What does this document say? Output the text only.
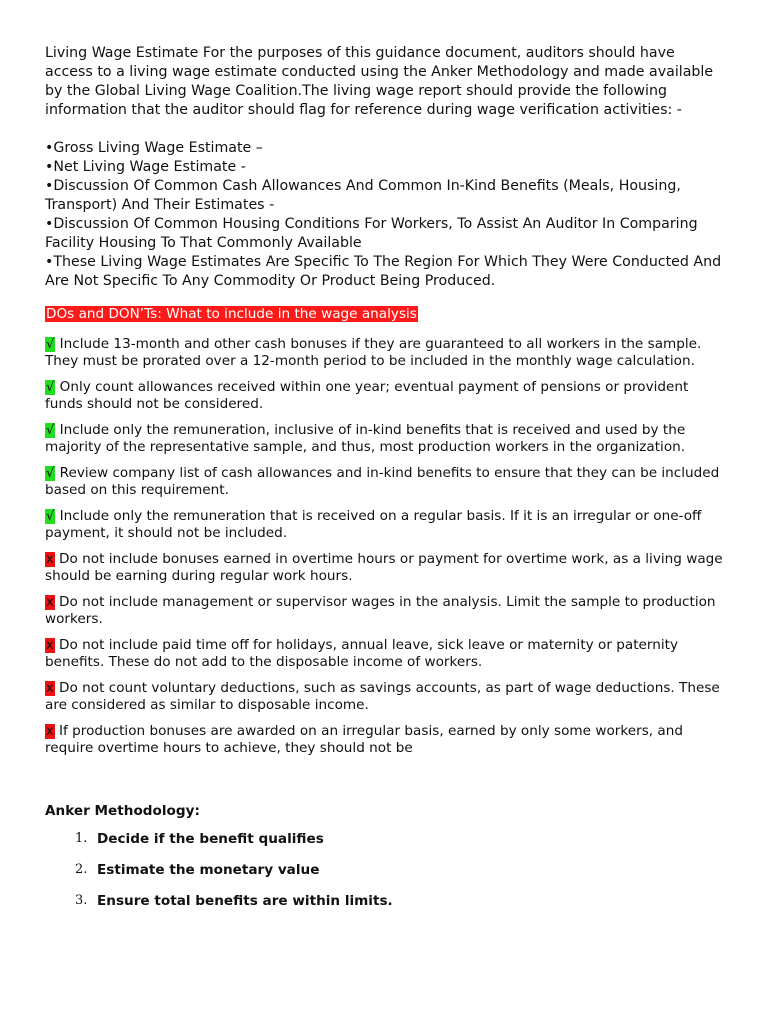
Living Wage Estimate For the purposes of this guidance document, auditors should have access to a living wage estimate conducted using the Anker Methodology and made available by the Global Living Wage Coalition.The living wage report should provide the following information that the auditor should flag for reference during wage verification activities: -

•Gross Living Wage Estimate –
•Net Living Wage Estimate -
•Discussion Of Common Cash Allowances And Common In-Kind Benefits (Meals, Housing, Transport) And Their Estimates -
•Discussion Of Common Housing Conditions For Workers, To Assist An Auditor In Comparing Facility Housing To That Commonly Available
•These Living Wage Estimates Are Specific To The Region For Which They Were Conducted And Are Not Specific To Any Commodity Or Product Being Produced.
DOs and DON’Ts: What to include in the wage analysis

√ Include 13-month and other cash bonuses if they are guaranteed to all workers in the sample. They must be prorated over a 12-month period to be included in the monthly wage calculation.

√ Only count allowances received within one year; eventual payment of pensions or provident funds should not be considered.

√ Include only the remuneration, inclusive of in-kind benefits that is received and used by the majority of the representative sample, and thus, most production workers in the organization.

√ Review company list of cash allowances and in-kind benefits to ensure that they can be included based on this requirement.

√ Include only the remuneration that is received on a regular basis. If it is an irregular or one-off payment, it should not be included.

x Do not include bonuses earned in overtime hours or payment for overtime work, as a living wage should be earning during regular work hours.

x Do not include management or supervisor wages in the analysis. Limit the sample to production workers.

x Do not include paid time off for holidays, annual leave, sick leave or maternity or paternity benefits. These do not add to the disposable income of workers.

x Do not count voluntary deductions, such as savings accounts, as part of wage deductions. These are considered as similar to disposable income.

x If production bonuses are awarded on an irregular basis, earned by only some workers, and require overtime hours to achieve, they should not be

Anker Methodology:
1. Decide if the benefit qualifies
2. Estimate the monetary value
3. Ensure total benefits are within limits.
